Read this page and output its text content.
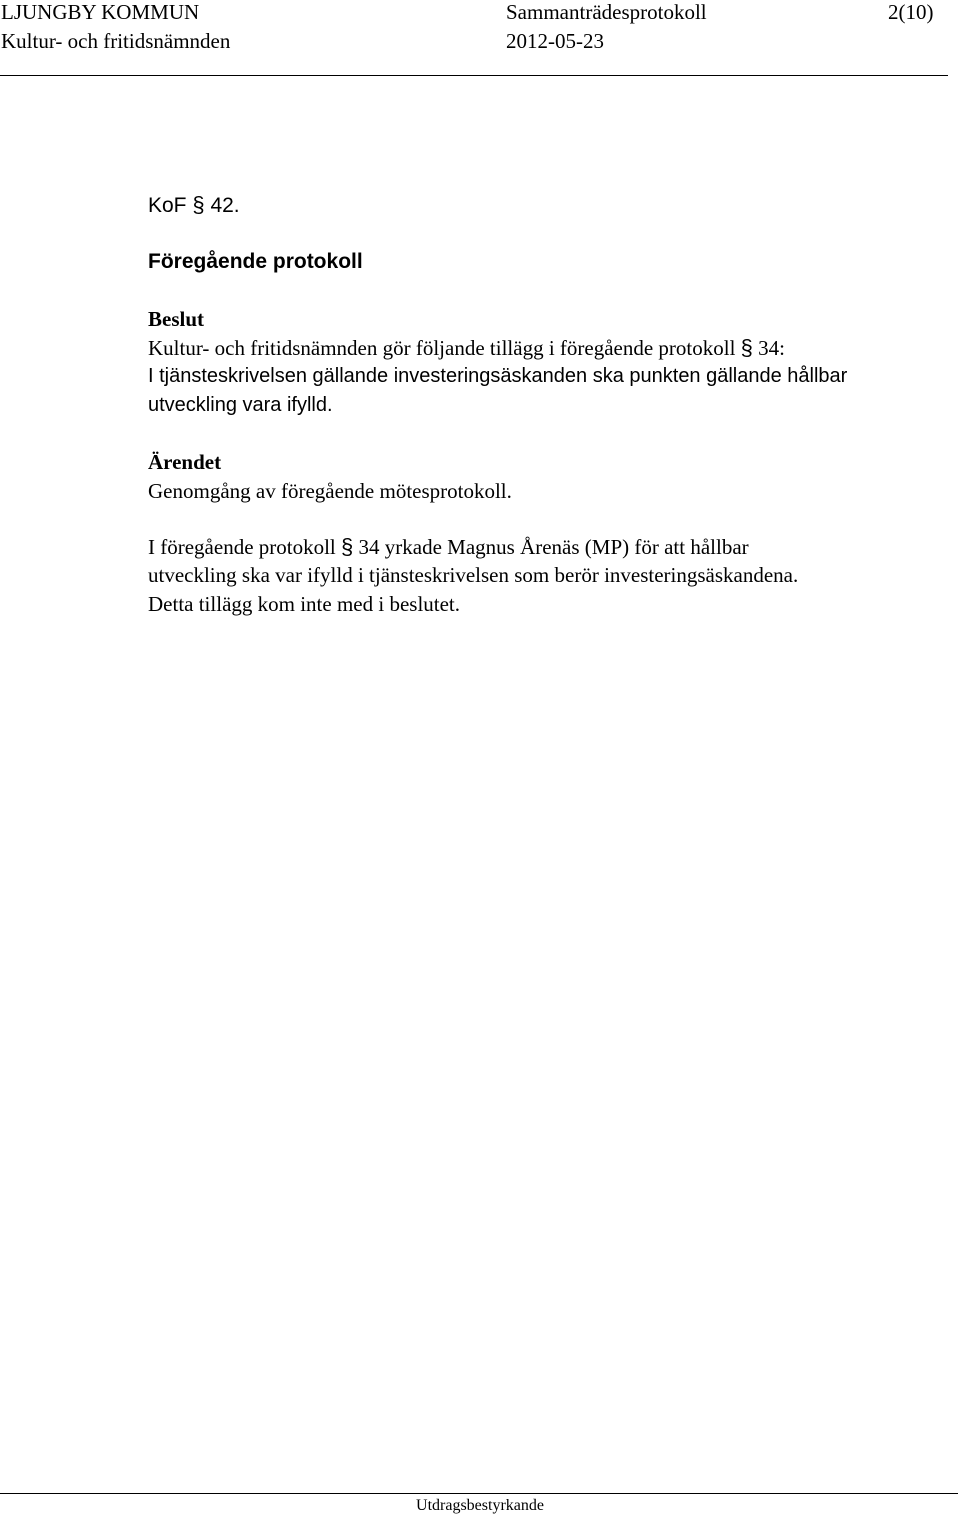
LJUNGBY KOMMUN	Sammanträdesprotokoll	2(10)
Kultur- och fritidsnämnden	2012-05-23
KoF § 42.
Föregående protokoll
Beslut
Kultur- och fritidsnämnden gör följande tillägg i föregående protokoll § 34:
I tjänsteskrivelsen gällande investeringsäskanden ska punkten gällande hållbar
utveckling vara ifylld.
Ärendet
Genomgång av föregående mötesprotokoll.
I föregående protokoll § 34 yrkade Magnus Årenäs (MP) för att hållbar
utveckling ska var ifylld i tjänsteskrivelsen som berör investeringsäskandena.
Detta tillägg kom inte med i beslutet.
Utdragsbestyrkande
